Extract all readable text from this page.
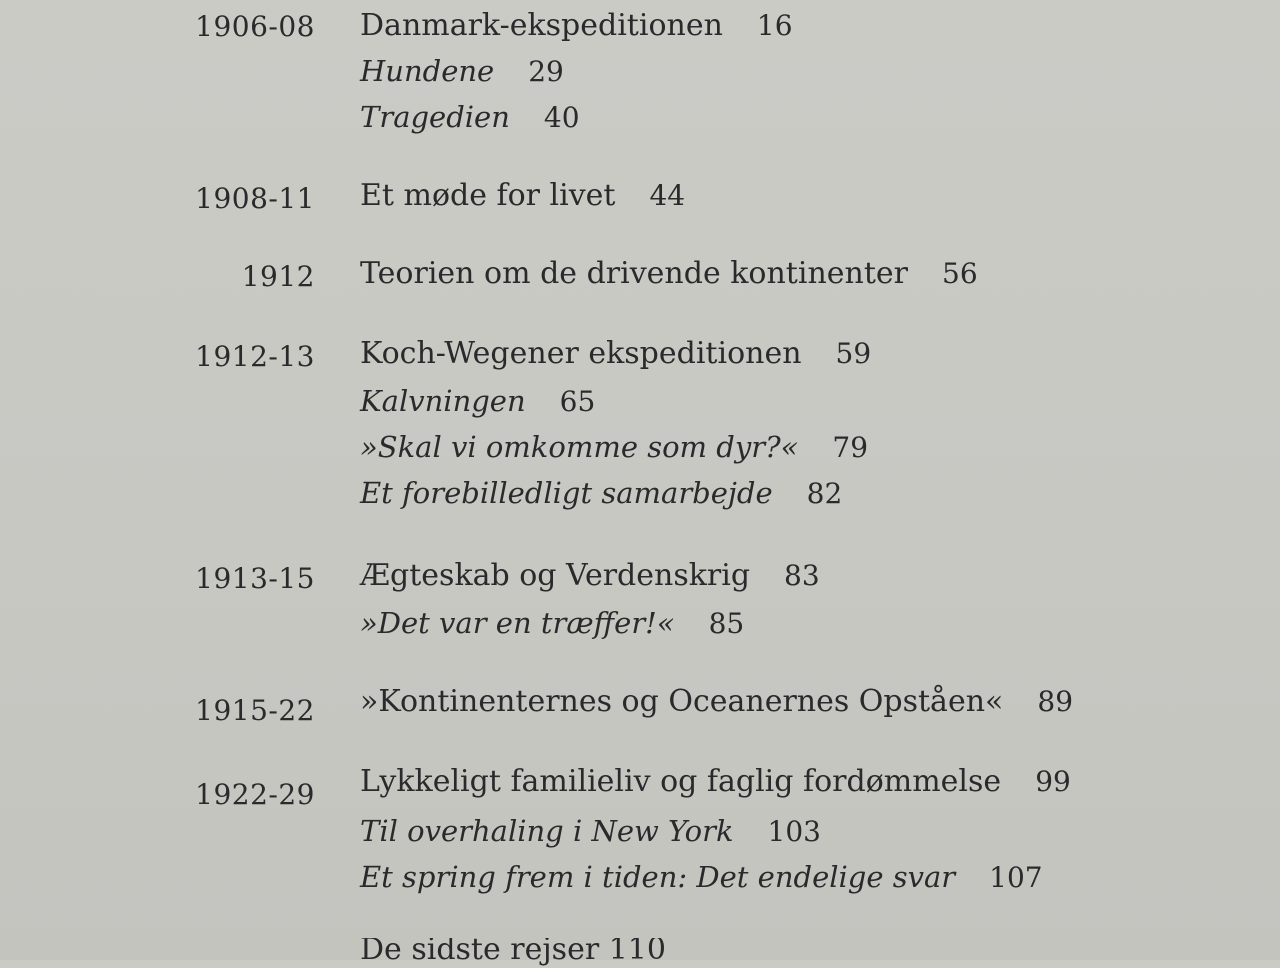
1906-08 Danmark-ekspeditionen 16
Hundene 29
Tragedien 40
1908-11 Et møde for livet 44
1912 Teorien om de drivende kontinenter 56
1912-13 Koch-Wegener ekspeditionen 59
Kalvningen 65
»Skal vi omkomme som dyr?« 79
Et forebilledligt samarbejde 82
1913-15 Ægteskab og Verdenskrig 83
»Det var en træffer!« 85
1915-22 »Kontinenternes og Oceanernes Opståen« 89
1922-29 Lykkeligt familieliv og faglig fordømmelse 99
Til overhaling i New York 103
Et spring frem i tiden: Det endelige svar 107
De sidste rejser 110
